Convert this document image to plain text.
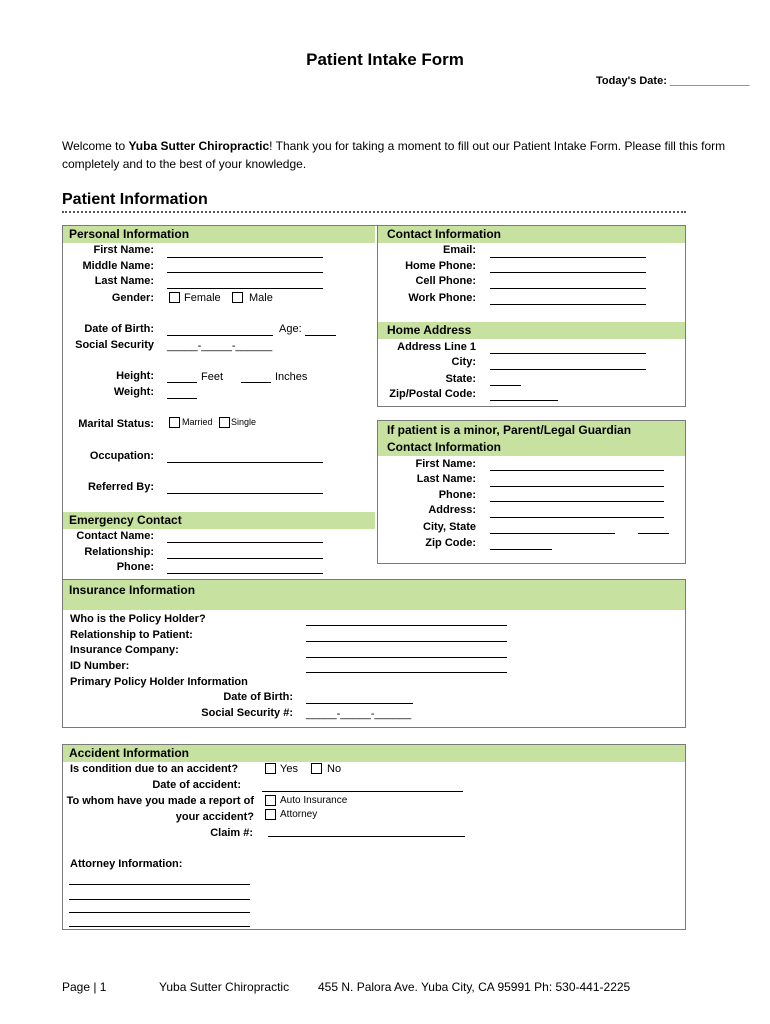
Patient Intake Form
Today's Date: _____________
Welcome to Yuba Sutter Chiropractic! Thank you for taking a moment to fill out our Patient Intake Form. Please fill this form
completely and to the best of your knowledge.
Patient Information
Personal Information
First Name:
Middle Name:
Last Name:
Gender:	Female	Male
Date of Birth:	Age:
Social Security _____-_____-______
Height:	Feet	Inches
Weight:
Marital Status:	Married Single
Occupation:
Referred By:
Emergency Contact
Contact Name:
Relationship:
Phone:
Contact Information
Email:
Home Phone:
Cell Phone:
Work Phone:
Home Address
Address Line 1
City:
State:
Zip/Postal Code:
If patient is a minor, Parent/Legal Guardian
Contact Information
First Name:
Last Name:
Phone:
Address:
City, State
Zip Code:
Insurance Information
Who is the Policy Holder?
Relationship to Patient:
Insurance Company:
ID Number:
Primary Policy Holder Information
Date of Birth:
Social Security #: _____-_____-______
Accident Information
Is condition due to an accident?	Yes	No
Date of accident:
To whom have you made a report of
your accident?
Auto Insurance
Attorney
Claim #:
Attorney Information:
Page | 1	Yuba Sutter Chiropractic 455 N. Palora Ave. Yuba City, CA 95991 Ph: 530-441-2225
